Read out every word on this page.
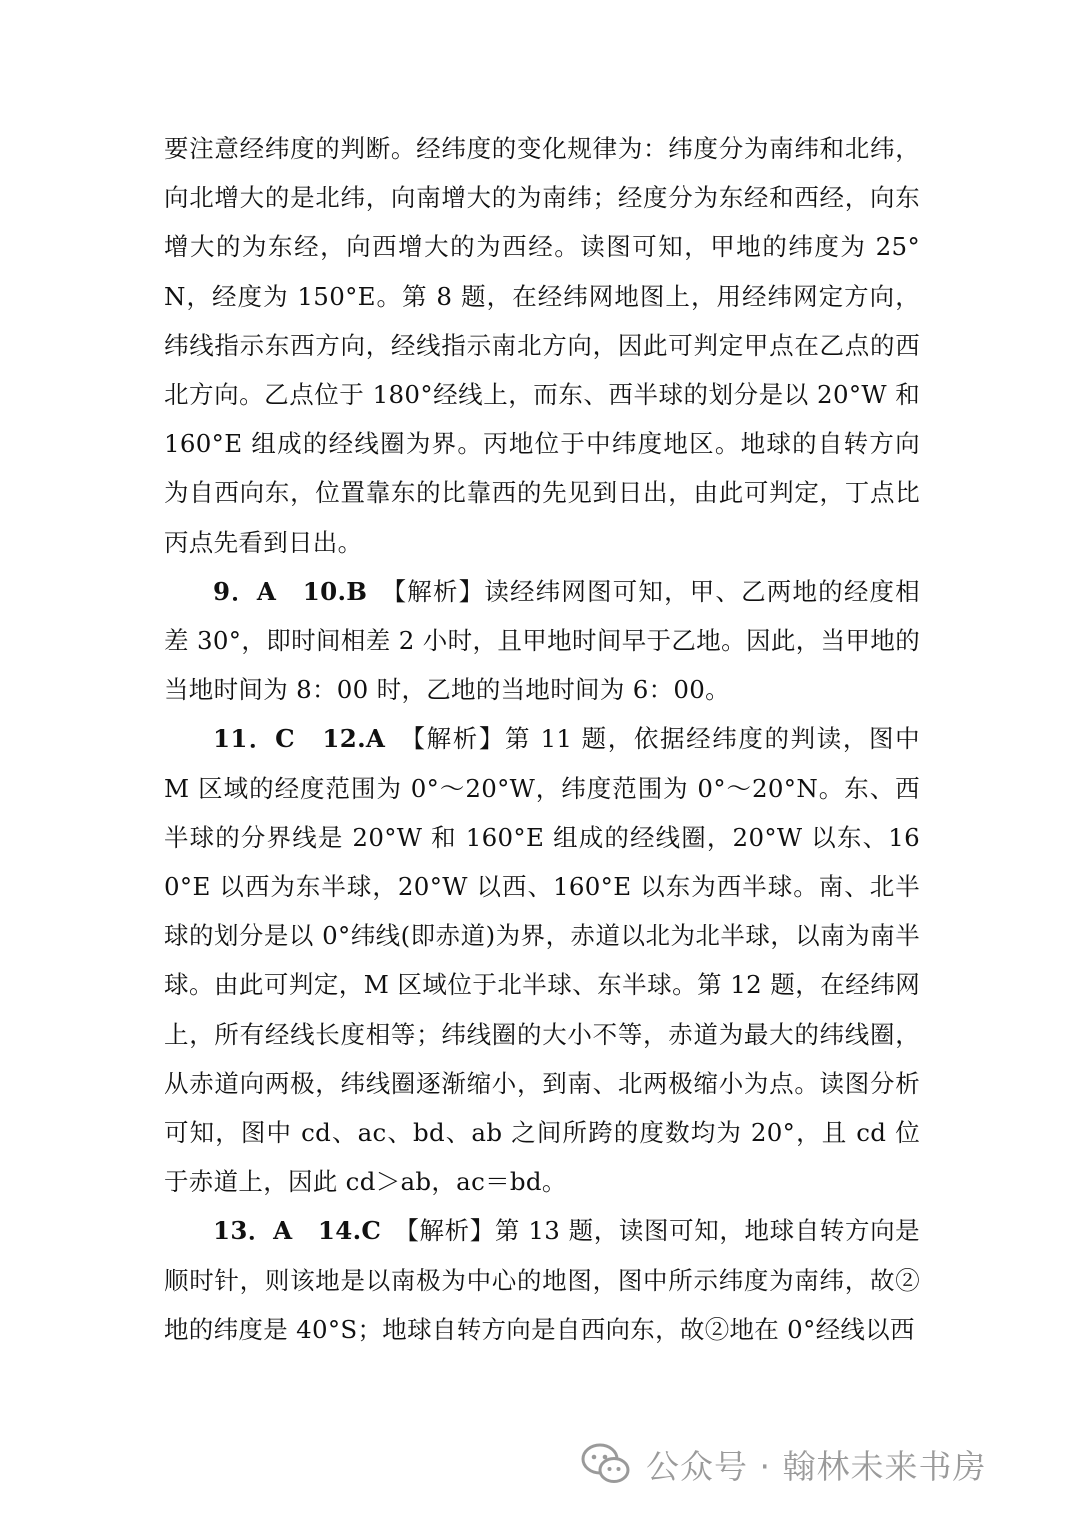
要注意经纬度的判断。经纬度的变化规律为：纬度分为南纬和北纬，向北增大的是北纬，向南增大的为南纬；经度分为东经和西经，向东增大的为东经，向西增大的为西经。读图可知，甲地的纬度为 25°N，经度为 150°E。第 8 题，在经纬网地图上，用经纬网定方向，纬线指示东西方向，经线指示南北方向，因此可判定甲点在乙点的西北方向。乙点位于 180°经线上，而东、西半球的划分是以 20°W 和 160°E 组成的经线圈为界。丙地位于中纬度地区。地球的自转方向为自西向东，位置靠东的比靠西的先见到日出，由此可判定，丁点比丙点先看到日出。

9．A　10.B　【解析】读经纬网图可知，甲、乙两地的经度相差 30°，即时间相差 2 小时，且甲地时间早于乙地。因此，当甲地的当地时间为 8：00 时，乙地的当地时间为 6：00。

11．C　12.A　【解析】第 11 题，依据经纬度的判读，图中 M 区域的经度范围为 0°～20°W，纬度范围为 0°～20°N。东、西半球的分界线是 20°W 和 160°E 组成的经线圈，20°W 以东、160°E 以西为东半球，20°W 以西、160°E 以东为西半球。南、北半球的划分是以 0°纬线(即赤道)为界，赤道以北为北半球，以南为南半球。由此可判定，M 区域位于北半球、东半球。第 12 题，在经纬网上，所有经线长度相等；纬线圈的大小不等，赤道为最大的纬线圈，从赤道向两极，纬线圈逐渐缩小，到南、北两极缩小为点。读图分析可知，图中 cd、ac、bd、ab 之间所跨的度数均为 20°，且 cd 位于赤道上，因此 cd＞ab，ac＝bd。

13．A　14.C　【解析】第 13 题，读图可知，地球自转方向是顺时针，则该地是以南极为中心的地图，图中所示纬度为南纬，故②地的纬度是 40°S；地球自转方向是自西向东，故②地在 0°经线以西

公众号 · 翰林未来书房
